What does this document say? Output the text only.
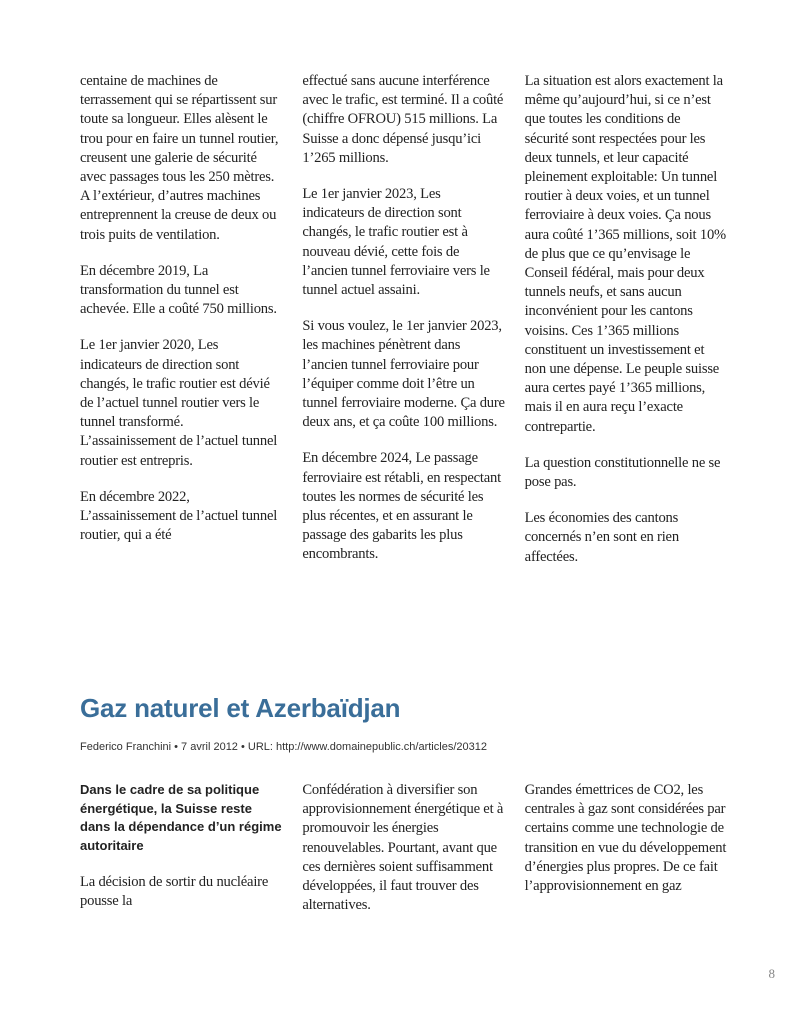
centaine de machines de terrassement qui se répartissent sur toute sa longueur. Elles alèsent le trou pour en faire un tunnel routier, creusent une galerie de sécurité avec passages tous les 250 mètres. A l’extérieur, d’autres machines entreprennent la creuse de deux ou trois puits de ventilation.

En décembre 2019, La transformation du tunnel est achevée. Elle a coûté 750 millions.

Le 1er janvier 2020, Les indicateurs de direction sont changés, le trafic routier est dévié de l’actuel tunnel routier vers le tunnel transformé. L’assainissement de l’actuel tunnel routier est entrepris.

En décembre 2022, L’assainissement de l’actuel tunnel routier, qui a été

effectué sans aucune interférence avec le trafic, est terminé. Il a coûté (chiffre OFROU) 515 millions. La Suisse a donc dépensé jusqu’ici 1’265 millions.

Le 1er janvier 2023, Les indicateurs de direction sont changés, le trafic routier est à nouveau dévié, cette fois de l’ancien tunnel ferroviaire vers le tunnel actuel assaini.

Si vous voulez, le 1er janvier 2023, les machines pénètrent dans l’ancien tunnel ferroviaire pour l’équiper comme doit l’être un tunnel ferroviaire moderne. Ça dure deux ans, et ça coûte 100 millions.

En décembre 2024, Le passage ferroviaire est rétabli, en respectant toutes les normes de sécurité les plus récentes, et en assurant le passage des gabarits les plus encombrants.

La situation est alors exactement la même qu’aujourd’hui, si ce n’est que toutes les conditions de sécurité sont respectées pour les deux tunnels, et leur capacité pleinement exploitable: Un tunnel routier à deux voies, et un tunnel ferroviaire à deux voies. Ça nous aura coûté 1’365 millions, soit 10% de plus que ce qu’envisage le Conseil fédéral, mais pour deux tunnels neufs, et sans aucun inconvénient pour les cantons voisins. Ces 1’365 millions constituent un investissement et non une dépense. Le peuple suisse aura certes payé 1’365 millions, mais il en aura reçu l’exacte contrepartie.

La question constitutionnelle ne se pose pas.

Les économies des cantons concernés n’en sont en rien affectées.

Gaz naturel et Azerbaïdjan
Federico Franchini • 7 avril 2012 • URL: http://www.domainepublic.ch/articles/20312
Dans le cadre de sa politique énergétique, la Suisse reste dans la dépendance d’un régime autoritaire

La décision de sortir du nucléaire pousse la

Confédération à diversifier son approvisionnement énergétique et à promouvoir les énergies renouvelables. Pourtant, avant que ces dernières soient suffisamment développées, il faut trouver des alternatives.

Grandes émettrices de CO2, les centrales à gaz sont considérées par certains comme une technologie de transition en vue du développement d’énergies plus propres. De ce fait l’approvisionnement en gaz

8
